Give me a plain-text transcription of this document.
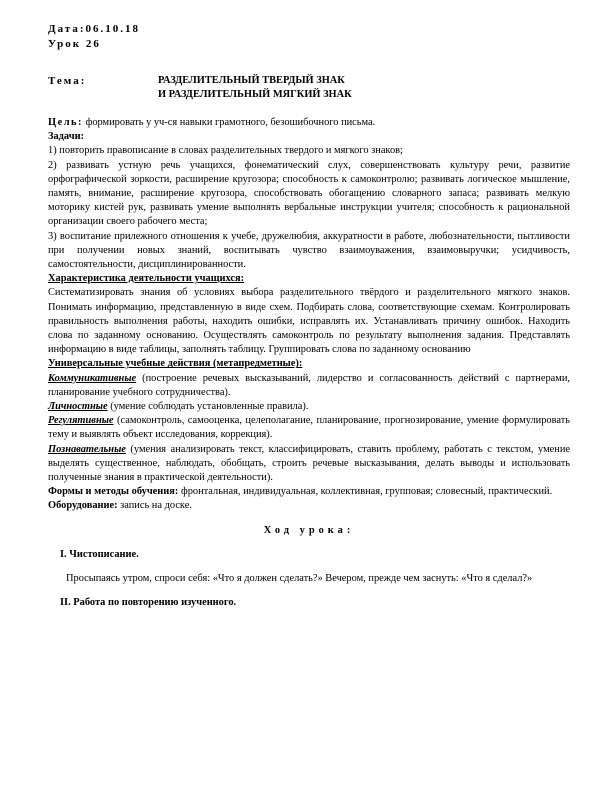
Дата:06.10.18
Урок 26
Тема:	РАЗДЕЛИТЕЛЬНЫЙ ТВЕРДЫЙ ЗНАК
И РАЗДЕЛИТЕЛЬНЫЙ МЯГКИЙ ЗНАК

Цель: формировать у уч-ся навыки грамотного, безошибочного письма.

Задачи:

1) повторить правописание в словах разделительных твердого и мягкого знаков;

2) развивать устную речь учащихся, фонематический слух, совершенствовать культуру речи, развитие орфографической зоркости, расширение кругозора; способность к самоконтролю; развивать логическое мышление, память, внимание, расширение кругозора, способствовать обогащению словарного запаса; развивать мелкую моторику кистей рук, развивать умение выполнять вербальные инструкции учителя; способность к рациональной организации своего рабочего места;

3) воспитание прилежного отношения к учебе, дружелюбия, аккуратности в работе, любознательности, пытливости при получении новых знаний, воспитывать чувство взаимоуважения, взаимовыручки; усидчивость, самостоятельности, дисциплинированности.

Характеристика деятельности учащихся:

Систематизировать знания об условиях выбора разделительного твёрдого и разделительного мягкого знаков. Понимать информацию, представленную в виде схем. Подбирать слова, соответствующие схемам. Контролировать правильность выполнения работы, находить ошибки, исправлять их. Устанавливать причину ошибок. Находить слова по заданному основанию. Осуществлять самоконтроль по результату выполнения задания. Представлять информацию в виде таблицы, заполнять таблицу. Группировать слова по заданному основанию

Универсальные учебные действия (метапредметные):

Коммуникативные (построение речевых высказываний, лидерство и согласованность действий с партнерами, планирование учебного сотрудничества).

Личностные (умение соблюдать установленные правила).

Регулятивные (самоконтроль, самооценка, целеполагание, планирование, прогнозирование, умение формулировать тему и выявлять объект исследования, коррекция).

Познавательные (умения анализировать текст, классифицировать, ставить проблему, работать с текстом, умение выделять существенное, наблюдать, обобщать, строить речевые высказывания, делать выводы и использовать полученные знания в практической деятельности).

Формы и методы обучения: фронтальная, индивидуальная, коллективная, групповая; словесный, практический.

Оборудование: запись на доске.

Ход урока:

I. Чистописание.

Просыпаясь утром, спроси себя: «Что я должен сделать?» Вечером, прежде чем заснуть: «Что я сделал?»

II. Работа по повторению изученного.
